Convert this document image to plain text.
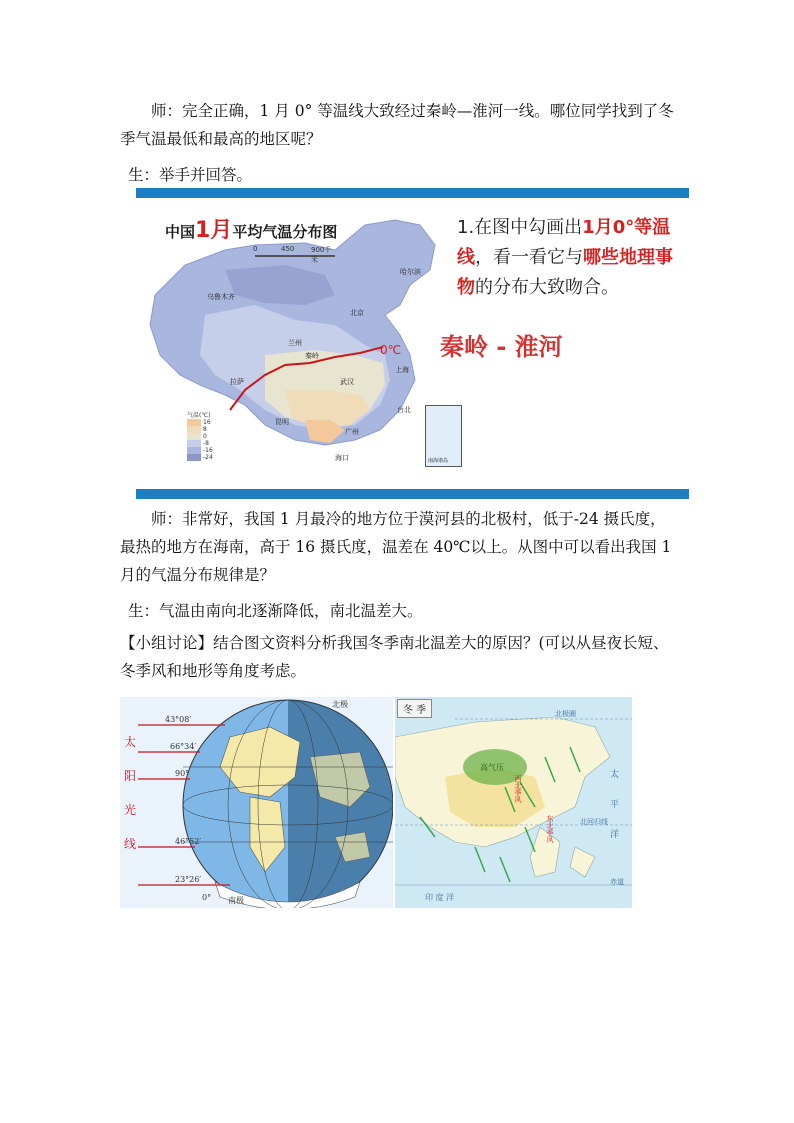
师：完全正确，1 月 0° 等温线大致经过秦岭—淮河一线。哪位同学找到了冬季气温最低和最高的地区呢？

生：举手并回答。

中国1月平均气温分布图
0	450 900千米
1.在图中勾画出1月0°等温线，看一看它与哪些地理事物的分布大致吻合。
0℃ 秦岭 - 淮河
哈尔滨
乌鲁木齐
北京
兰州
秦岭
拉萨	武汉
上海
台北
昆明
广州
海口
气温(℃)
16
8
0
-8
-16
-24	南海诸岛

师：非常好，我国 1 月最冷的地方位于漠河县的北极村，低于-24 摄氏度，最热的地方在海南，高于 16 摄氏度，温差在 40℃以上。从图中可以看出我国 1 月的气温分布规律是？

生：气温由南向北逐渐降低，南北温差大。

【小组讨论】结合图文资料分析我国冬季南北温差大的原因？(可以从昼夜长短、冬季风和地形等角度考虑。

43°08′
66°34′
90°
46°52′
23°26′
0°
北极
南极
太
阳
光
线
冬 季	北极圈
高气压
西北季风
东北季风	北回归线
赤道
太
平
洋
印 度 洋
